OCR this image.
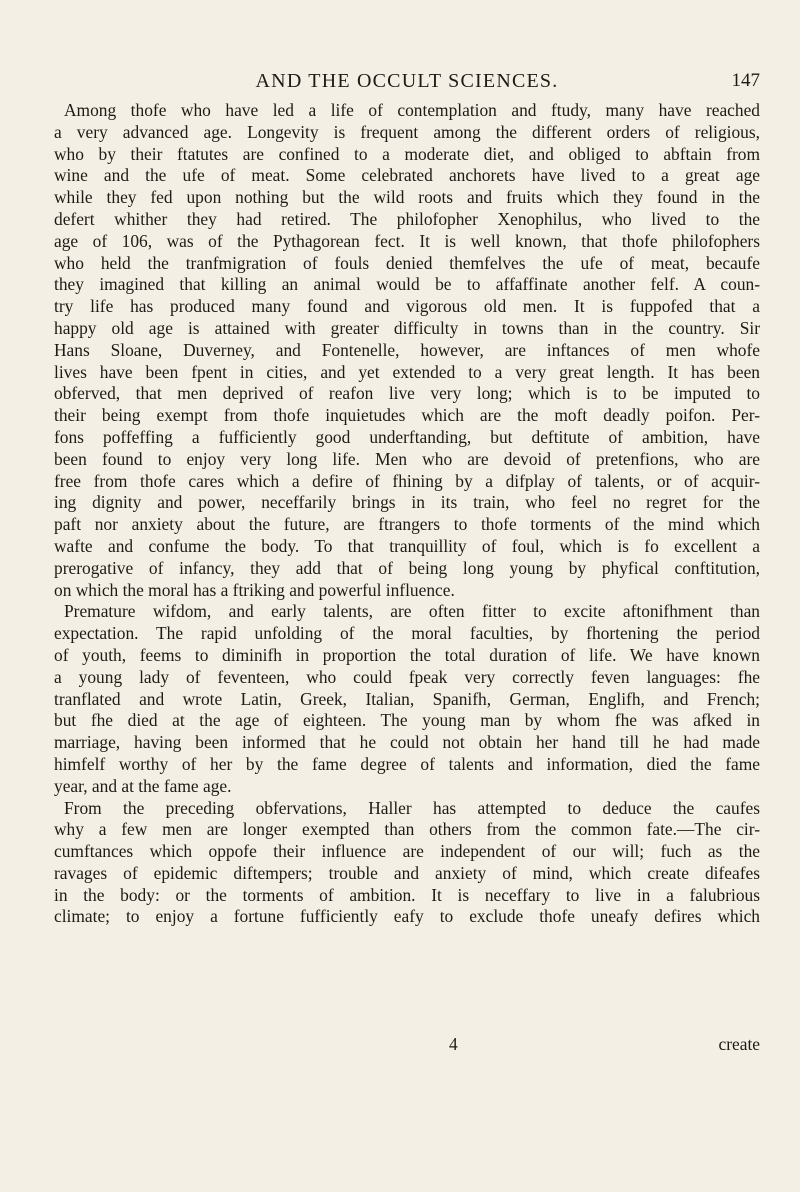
AND THE OCCULT SCIENCES.	147
Among thofe who have led a life of contemplation and ftudy, many have reached
a very advanced age. Longevity is frequent among the different orders of religious,
who by their ftatutes are confined to a moderate diet, and obliged to abftain from
wine and the ufe of meat. Some celebrated anchorets have lived to a great age
while they fed upon nothing but the wild roots and fruits which they found in the
defert whither they had retired. The philofopher Xenophilus, who lived to the
age of 106, was of the Pythagorean fect. It is well known, that thofe philofophers
who held the tranfmigration of fouls denied themfelves the ufe of meat, becaufe
they imagined that killing an animal would be to affaffinate another felf. A coun-
try life has produced many found and vigorous old men. It is fuppofed that a
happy old age is attained with greater difficulty in towns than in the country. Sir
Hans Sloane, Duverney, and Fontenelle, however, are inftances of men whofe
lives have been fpent in cities, and yet extended to a very great length. It has been
obferved, that men deprived of reafon live very long; which is to be imputed to
their being exempt from thofe inquietudes which are the moft deadly poifon. Per-
fons poffeffing a fufficiently good underftanding, but deftitute of ambition, have
been found to enjoy very long life. Men who are devoid of pretenfions, who are
free from thofe cares which a defire of fhining by a difplay of talents, or of acquir-
ing dignity and power, neceffarily brings in its train, who feel no regret for the
paft nor anxiety about the future, are ftrangers to thofe torments of the mind which
wafte and confume the body. To that tranquillity of foul, which is fo excellent a
prerogative of infancy, they add that of being long young by phyfical conftitution,
on which the moral has a ftriking and powerful influence.
Premature wifdom, and early talents, are often fitter to excite aftonifhment than
expectation. The rapid unfolding of the moral faculties, by fhortening the period
of youth, feems to diminifh in proportion the total duration of life. We have known
a young lady of feventeen, who could fpeak very correctly feven languages: fhe
tranflated and wrote Latin, Greek, Italian, Spanifh, German, Englifh, and French;
but fhe died at the age of eighteen. The young man by whom fhe was afked in
marriage, having been informed that he could not obtain her hand till he had made
himfelf worthy of her by the fame degree of talents and information, died the fame
year, and at the fame age.
From the preceding obfervations, Haller has attempted to deduce the caufes
why a few men are longer exempted than others from the common fate.—The cir-
cumftances which oppofe their influence are independent of our will; fuch as the
ravages of epidemic diftempers; trouble and anxiety of mind, which create difeafes
in the body: or the torments of ambition. It is neceffary to live in a falubrious
climate; to enjoy a fortune fufficiently eafy to exclude thofe uneafy defires which
4	create
